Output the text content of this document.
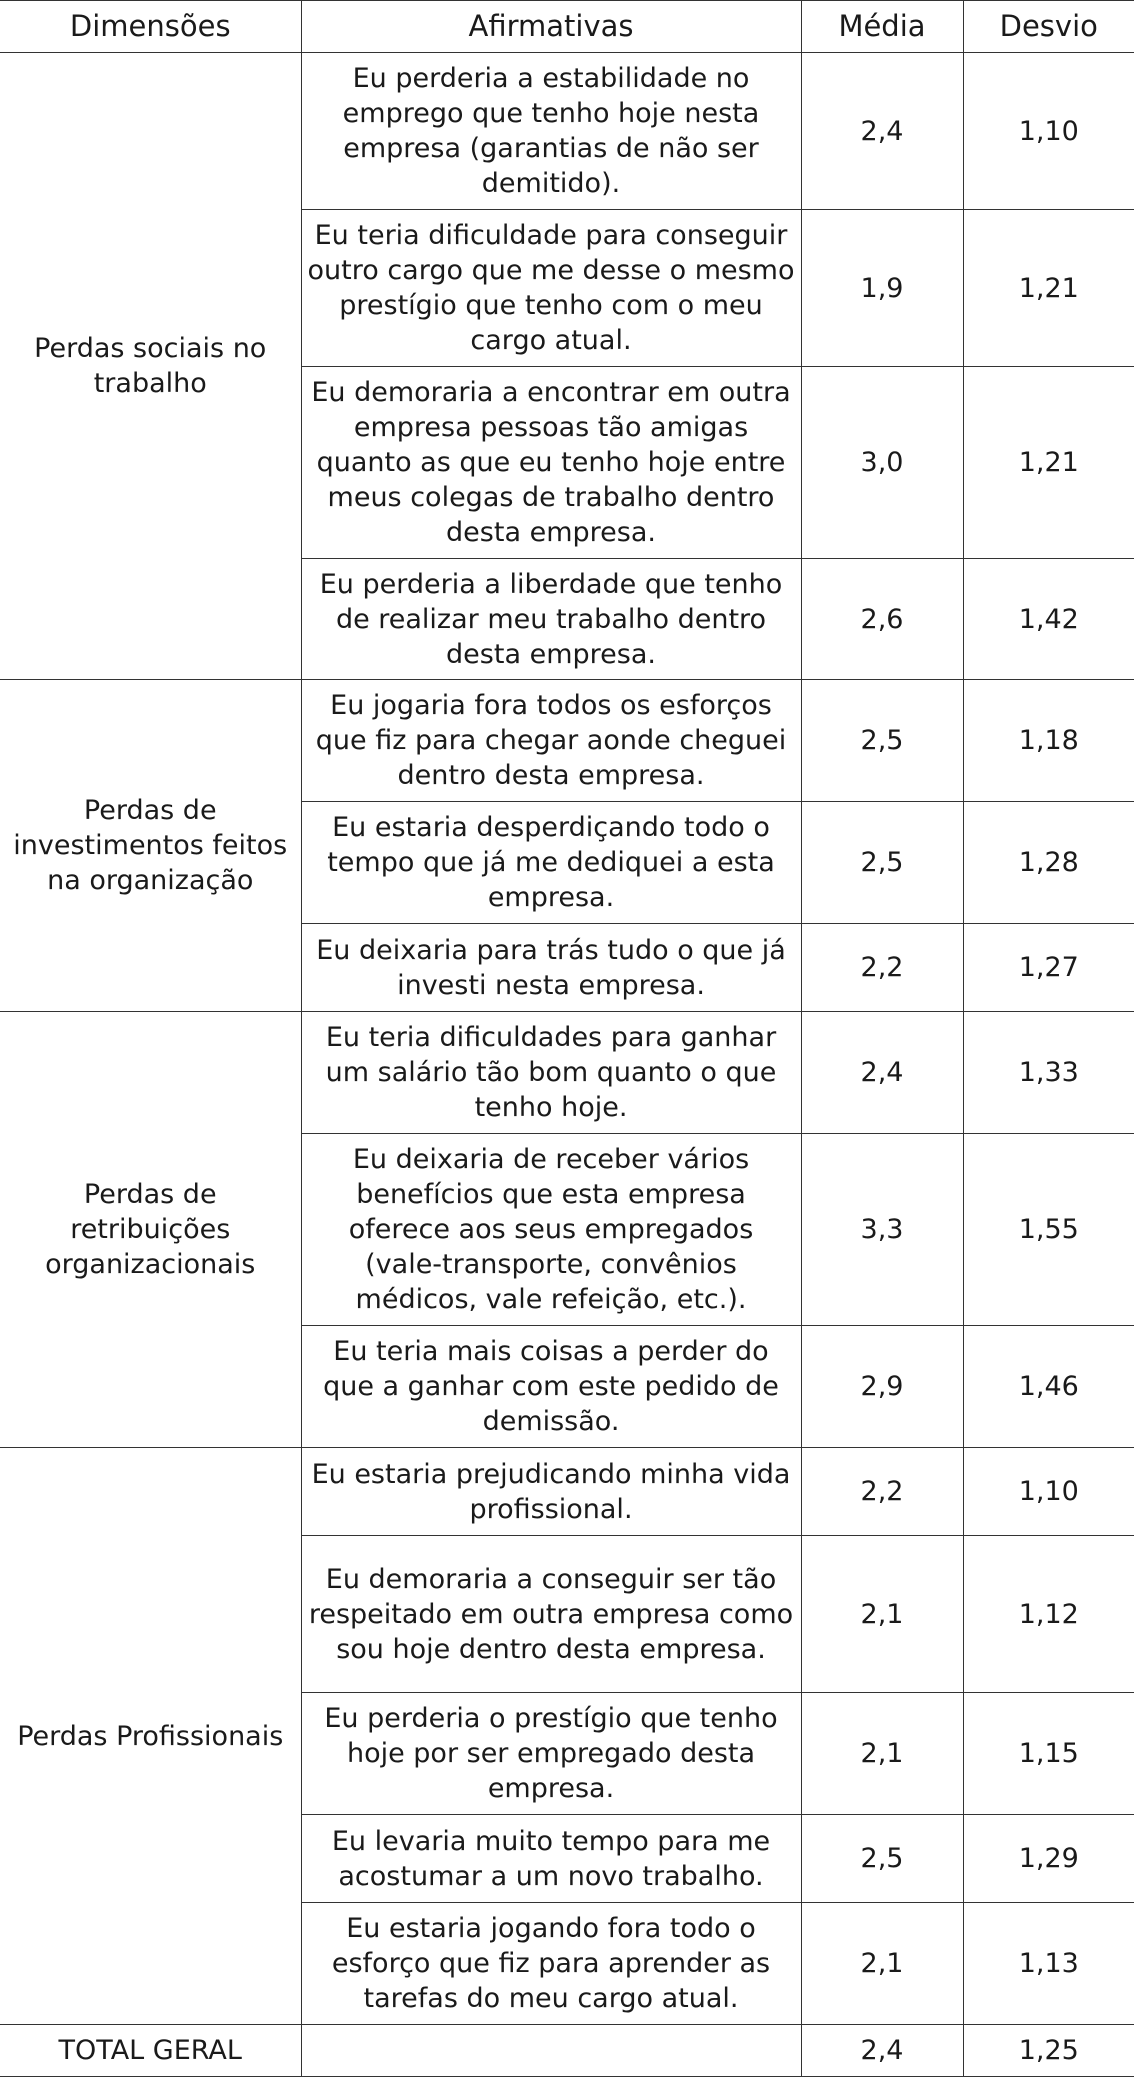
Dimensões	Afirmativas	Média	Desvio
Perdas sociais no trabalho	Eu perderia a estabilidade no emprego que tenho hoje nesta empresa (garantias de não ser demitido).	2,4	1,10
	Eu teria dificuldade para conseguir outro cargo que me desse o mesmo prestígio que tenho com o meu cargo atual.	1,9	1,21
	Eu demoraria a encontrar em outra empresa pessoas tão amigas quanto as que eu tenho hoje entre meus colegas de trabalho dentro desta empresa.	3,0	1,21
	Eu perderia a liberdade que tenho de realizar meu trabalho dentro desta empresa.	2,6	1,42
Perdas de investimentos feitos na organização	Eu jogaria fora todos os esforços que fiz para chegar aonde cheguei dentro desta empresa.	2,5	1,18
	Eu estaria desperdiçando todo o tempo que já me dediquei a esta empresa.	2,5	1,28
	Eu deixaria para trás tudo o que já investi nesta empresa.	2,2	1,27
Perdas de retribuições organizacionais	Eu teria dificuldades para ganhar um salário tão bom quanto o que tenho hoje.	2,4	1,33
	Eu deixaria de receber vários benefícios que esta empresa oferece aos seus empregados (vale-transporte, convênios médicos, vale refeição, etc.).	3,3	1,55
	Eu teria mais coisas a perder do que a ganhar com este pedido de demissão.	2,9	1,46
Perdas Profissionais	Eu estaria prejudicando minha vida profissional.	2,2	1,10
	Eu demoraria a conseguir ser tão respeitado em outra empresa como sou hoje dentro desta empresa.	2,1	1,12
	Eu perderia o prestígio que tenho hoje por ser empregado desta empresa.	2,1	1,15
	Eu levaria muito tempo para me acostumar a um novo trabalho.	2,5	1,29
	Eu estaria jogando fora todo o esforço que fiz para aprender as tarefas do meu cargo atual.	2,1	1,13
TOTAL GERAL		2,4	1,25
